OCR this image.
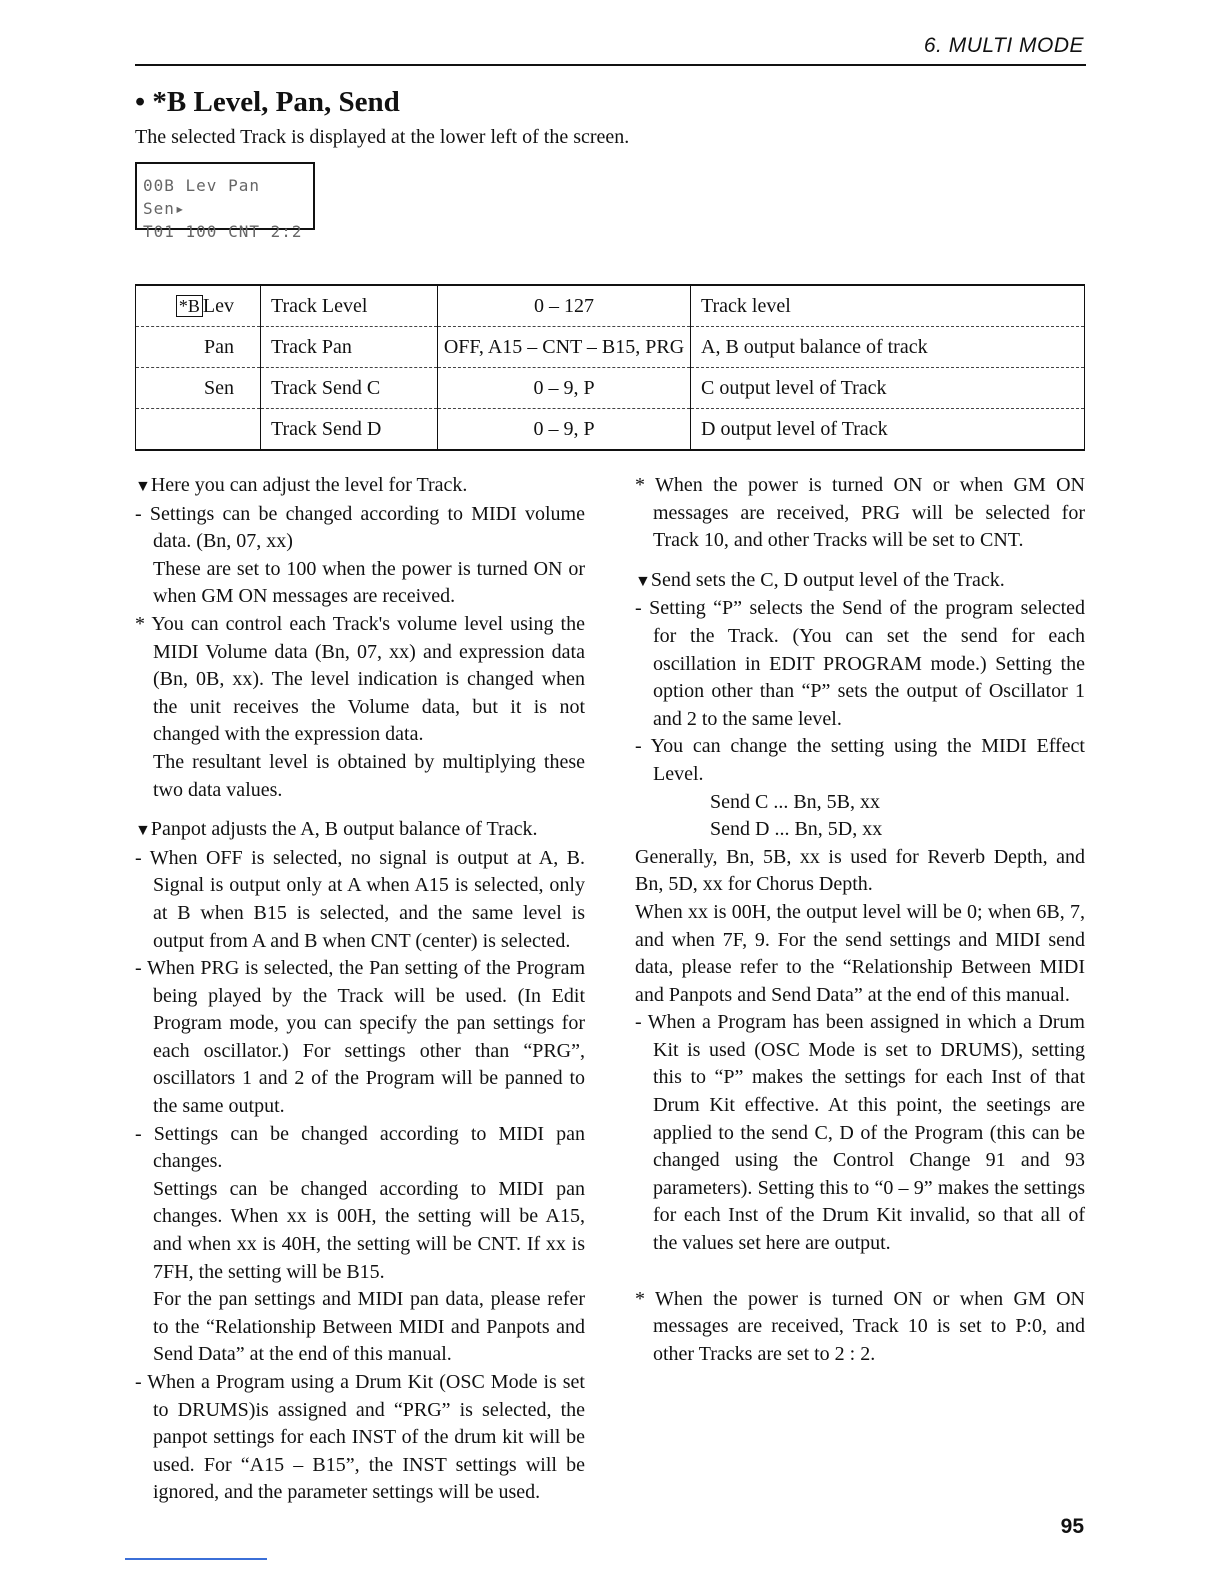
6. MULTI MODE
• *B Level, Pan, Send
The selected Track is displayed at the lower left of the screen.
00B Lev Pan Sen▸
T01 100 CNT 2:2
*B Lev	Track Level	0 – 127	Track level
Pan	Track Pan	OFF, A15 – CNT – B15, PRG	A, B output balance of track
Sen	Track Send C	0 – 9, P	C output level of Track
	Track Send D	0 – 9, P	D output level of Track

▼Here you can adjust the level for Track.

- Settings can be changed according to MIDI volume data. (Bn, 07, xx)

These are set to 100 when the power is turned ON or when GM ON messages are received.

* You can control each Track's volume level using the MIDI Volume data (Bn, 07, xx) and expression data (Bn, 0B, xx). The level indication is changed when the unit receives the Volume data, but it is not changed with the expression data.

The resultant level is obtained by multiplying these two data values.

▼Panpot adjusts the A, B output balance of Track.

- When OFF is selected, no signal is output at A, B. Signal is output only at A when A15 is selected, only at B when B15 is selected, and the same level is output from A and B when CNT (center) is selected.

- When PRG is selected, the Pan setting of the Program being played by the Track will be used. (In Edit Program mode, you can specify the pan settings for each oscillator.) For settings other than “PRG”, oscillators 1 and 2 of the Program will be panned to the same output.

- Settings can be changed according to MIDI pan changes.

Settings can be changed according to MIDI pan changes. When xx is 00H, the setting will be A15, and when xx is 40H, the setting will be CNT. If xx is 7FH, the setting will be B15.

For the pan settings and MIDI pan data, please refer to the “Relationship Between MIDI and Panpots and Send Data” at the end of this manual.

- When a Program using a Drum Kit (OSC Mode is set to DRUMS)is assigned and “PRG” is selected, the panpot settings for each INST of the drum kit will be used. For “A15 – B15”, the INST settings will be ignored, and the parameter settings will be used.

* When the power is turned ON or when GM ON messages are received, PRG will be selected for Track 10, and other Tracks will be set to CNT.

▼Send sets the C, D output level of the Track.

- Setting “P” selects the Send of the program selected for the Track. (You can set the send for each oscillation in EDIT PROGRAM mode.) Setting the option other than “P” sets the output of Oscillator 1 and 2 to the same level.

- You can change the setting using the MIDI Effect Level.

Send C ... Bn, 5B, xx

Send D ... Bn, 5D, xx

Generally, Bn, 5B, xx is used for Reverb Depth, and Bn, 5D, xx for Chorus Depth.

When xx is 00H, the output level will be 0; when 6B, 7, and when 7F, 9. For the send settings and MIDI send data, please refer to the “Relationship Between MIDI and Panpots and Send Data” at the end of this manual.

- When a Program has been assigned in which a Drum Kit is used (OSC Mode is set to DRUMS), setting this to “P” makes the settings for each Inst of that Drum Kit effective. At this point, the seetings are applied to the send C, D of the Program (this can be changed using the Control Change 91 and 93 parameters). Setting this to “0 – 9” makes the settings for each Inst of the Drum Kit invalid, so that all of the values set here are output.

* When the power is turned ON or when GM ON messages are received, Track 10 is set to P:0, and other Tracks are set to 2 : 2.

95
